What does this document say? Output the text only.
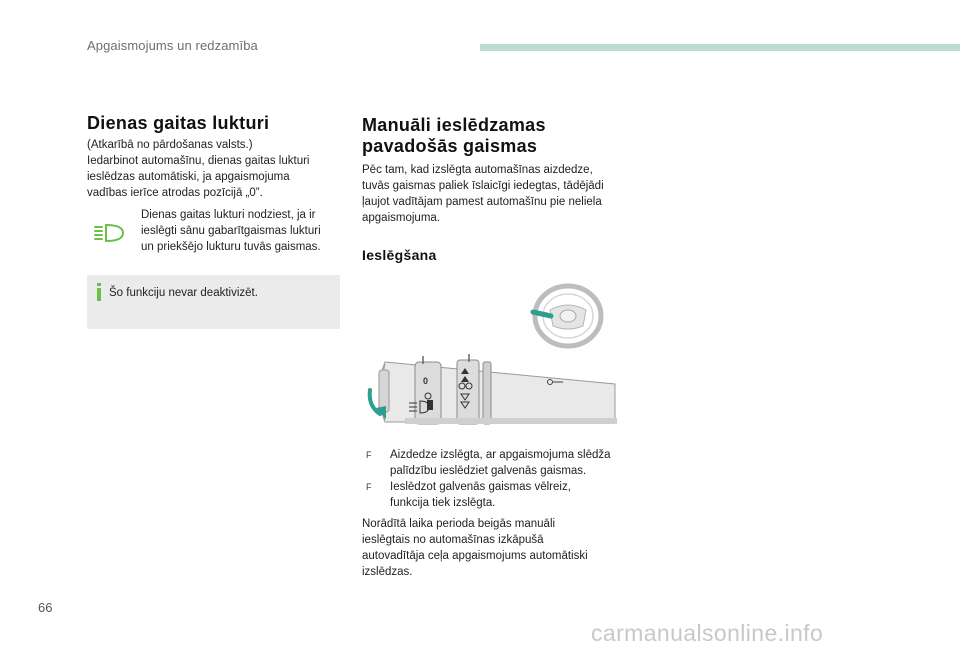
Apgaismojums un redzamība
Dienas gaitas lukturi
(Atkarībā no pārdošanas valsts.)
Iedarbinot automašīnu, dienas gaitas lukturi
ieslēdzas automātiski, ja apgaismojuma
vadības ierīce atrodas pozīcijā „0”.
Dienas gaitas lukturi nodziest, ja ir
ieslēgti sānu gabarītgaismas lukturi
un priekšējo lukturu tuvās gaismas.
Šo funkciju nevar deaktivizēt.
Manuāli ieslēdzamas
pavadošās gaismas
Pēc tam, kad izslēgta automašīnas aizdedze,
tuvās gaismas paliek īslaicīgi iedegtas, tādējādi
ļaujot vadītājam pamest automašīnu pie neliela
apgaismojuma.
Ieslēgšana
0
F	Aizdedze izslēgta, ar apgaismojuma slēdža
palīdzību ieslēdziet galvenās gaismas.
F	Ieslēdzot galvenās gaismas vēlreiz,
funkcija tiek izslēgta.
Norādītā laika perioda beigās manuāli
ieslēgtais no automašīnas izkāpušā
autovadītāja ceļa apgaismojums automātiski
izslēdzas.
66
carmanualsonline.info
